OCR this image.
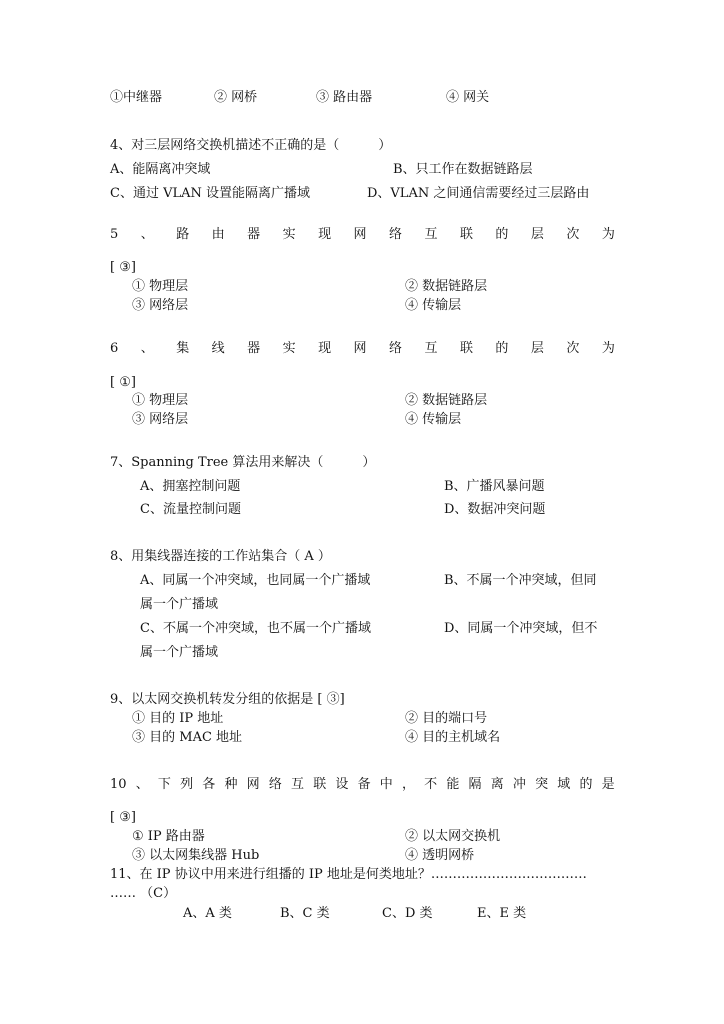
①中继器	② 网桥	③ 路由器	④ 网关
4、对三层网络交换机描述不正确的是（　　　）
A、能隔离冲突域	B、只工作在数据链路层
C、通过 VLAN 设置能隔离广播域	D、VLAN 之间通信需要经过三层路由
5 、 路 由 器 实 现 网 络 互 联 的 层 次 为
[ ③]
① 物理层	② 数据链路层
③ 网络层	④ 传输层
6 、 集 线 器 实 现 网 络 互 联 的 层 次 为
[ ①]
① 物理层	② 数据链路层
③ 网络层	④ 传输层
7、Spanning Tree 算法用来解决（　　　）
A、拥塞控制问题	B、广播风暴问题
C、流量控制问题	D、数据冲突问题
8、用集线器连接的工作站集合（ A ）
A、同属一个冲突域，也同属一个广播域	B、不属一个冲突域，但同
属一个广播域
C、不属一个冲突域，也不属一个广播域	D、同属一个冲突域，但不
属一个广播域
9、以太网交换机转发分组的依据是 [ ③]
① 目的 IP 地址	② 目的端口号
③ 目的 MAC 地址	④ 目的主机域名
10 、 下 列 各 种 网 络 互 联 设 备 中 ， 不 能 隔 离 冲 突 域 的 是
[ ③]
① IP 路由器	② 以太网交换机
③ 以太网集线器 Hub	④ 透明网桥
11、在 IP 协议中用来进行组播的 IP 地址是何类地址？………………………………
…… （C）
A、A 类	B、C 类	C、D 类	E、E 类
